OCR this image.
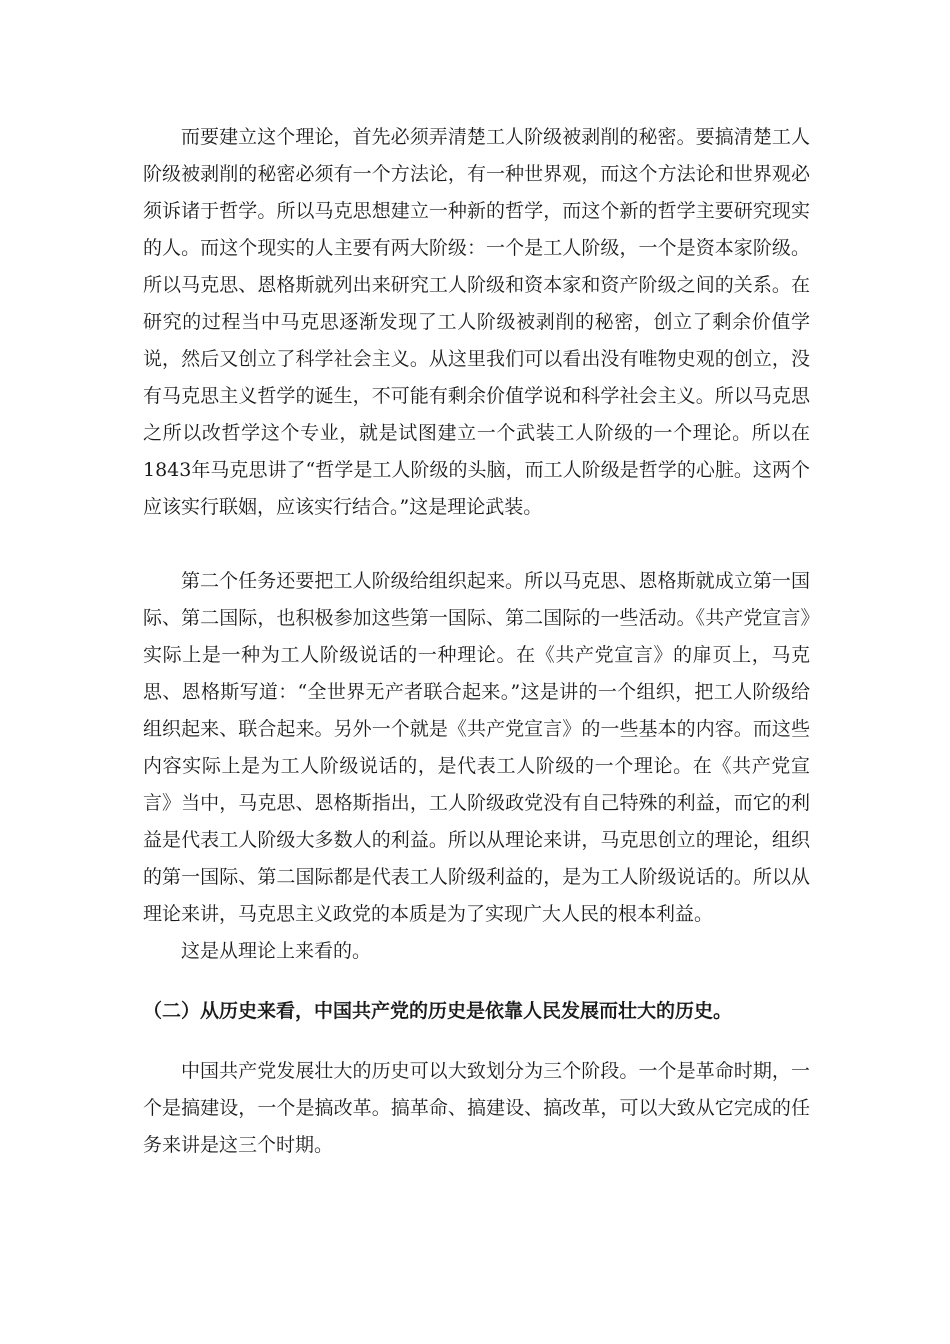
而要建立这个理论，首先必须弄清楚工人阶级被剥削的秘密。要搞清楚工人阶级被剥削的秘密必须有一个方法论，有一种世界观，而这个方法论和世界观必须诉诸于哲学。所以马克思想建立一种新的哲学，而这个新的哲学主要研究现实的人。而这个现实的人主要有两大阶级：一个是工人阶级，一个是资本家阶级。所以马克思、恩格斯就列出来研究工人阶级和资本家和资产阶级之间的关系。在研究的过程当中马克思逐渐发现了工人阶级被剥削的秘密，创立了剩余价值学说，然后又创立了科学社会主义。从这里我们可以看出没有唯物史观的创立，没有马克思主义哲学的诞生，不可能有剩余价值学说和科学社会主义。所以马克思之所以改哲学这个专业，就是试图建立一个武装工人阶级的一个理论。所以在1843年马克思讲了“哲学是工人阶级的头脑，而工人阶级是哲学的心脏。这两个应该实行联姻，应该实行结合。”这是理论武装。

第二个任务还要把工人阶级给组织起来。所以马克思、恩格斯就成立第一国际、第二国际，也积极参加这些第一国际、第二国际的一些活动。《共产党宣言》实际上是一种为工人阶级说话的一种理论。在《共产党宣言》的扉页上，马克思、恩格斯写道：“全世界无产者联合起来。”这是讲的一个组织，把工人阶级给组织起来、联合起来。另外一个就是《共产党宣言》的一些基本的内容。而这些内容实际上是为工人阶级说话的，是代表工人阶级的一个理论。在《共产党宣言》当中，马克思、恩格斯指出，工人阶级政党没有自己特殊的利益，而它的利益是代表工人阶级大多数人的利益。所以从理论来讲，马克思创立的理论，组织的第一国际、第二国际都是代表工人阶级利益的，是为工人阶级说话的。所以从理论来讲，马克思主义政党的本质是为了实现广大人民的根本利益。

这是从理论上来看的。

（二）从历史来看，中国共产党的历史是依靠人民发展而壮大的历史。

中国共产党发展壮大的历史可以大致划分为三个阶段。一个是革命时期，一个是搞建设，一个是搞改革。搞革命、搞建设、搞改革，可以大致从它完成的任务来讲是这三个时期。
